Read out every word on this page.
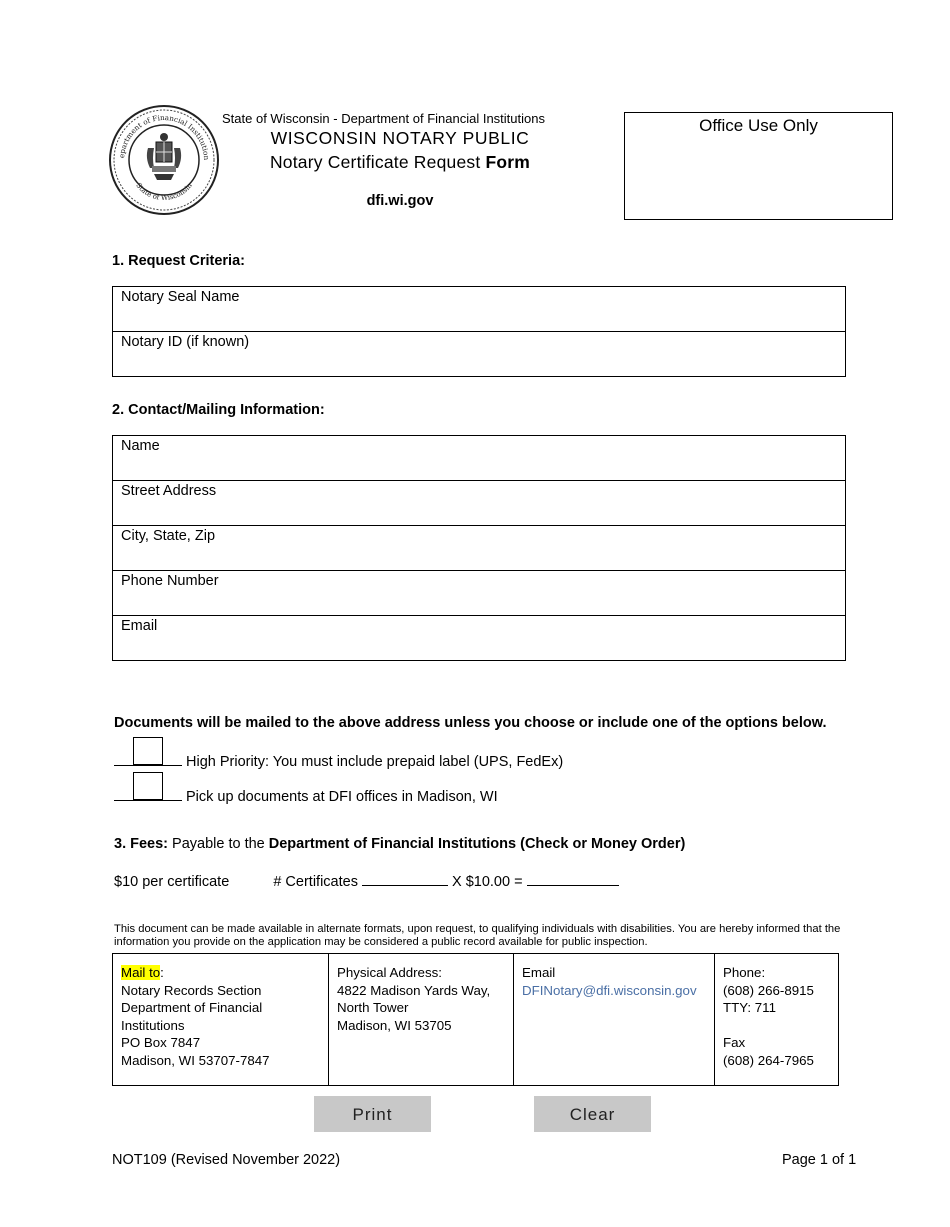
epartment of Financial Institution
State of Wisconsin
State of Wisconsin - Department of Financial Institutions
WISCONSIN NOTARY PUBLIC
Notary Certificate Request Form
dfi.wi.gov
Office Use Only
1. Request Criteria:
Notary Seal Name
Notary ID (if known)
2. Contact/Mailing Information:
Name
Street Address
City, State, Zip
Phone Number
Email
Documents will be mailed to the above address unless you choose or include one of the options below.
High Priority: You must include prepaid label (UPS, FedEx)
Pick up documents at DFI offices in Madison, WI
3. Fees: Payable to the Department of Financial Institutions (Check or Money Order)
$10 per certificate	# Certificates	X $10.00 =
This document can be made available in alternate formats, upon request, to qualifying individuals with disabilities. You are hereby informed that the information you provide on the application may be considered a public record available for public inspection.
Mail to:
Notary Records Section
Department of Financial Institutions
PO Box 7847
Madison, WI 53707-7847	Physical Address:
4822 Madison Yards Way,
North Tower
Madison, WI 53705	Email
DFINotary@dfi.wisconsin.gov	Phone:
(608) 266-8915
TTY: 711

Fax
(608) 264-7965
Print	Clear
NOT109 (Revised November 2022)	Page 1 of 1
